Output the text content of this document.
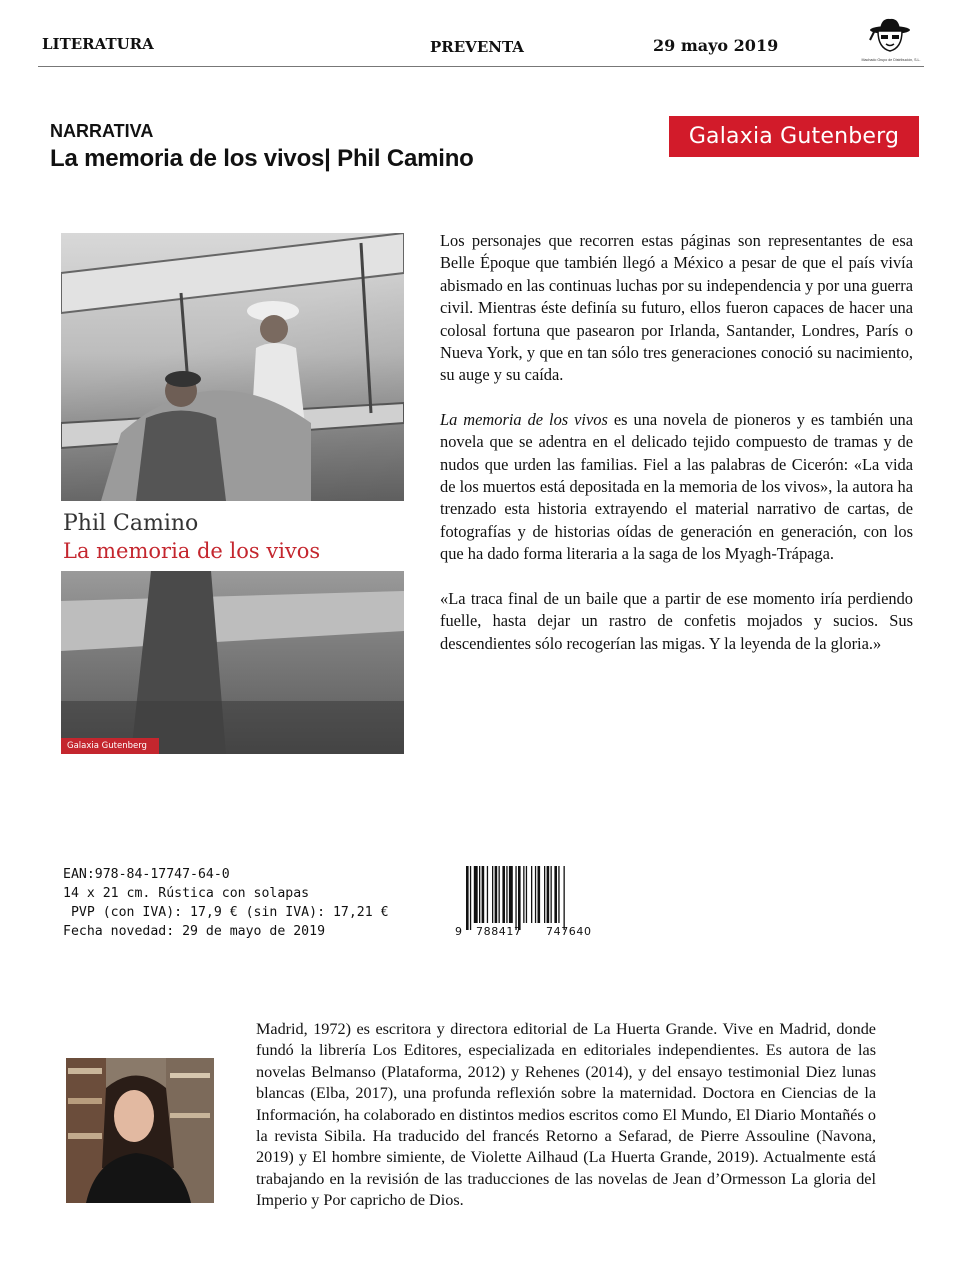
LITERATURA	PREVENTA	29 mayo 2019
Machado Grupo de Distribución, S.L.
NARRATIVA
La memoria de los vivos| Phil Camino
Galaxia Gutenberg
Phil Camino
La memoria de los vivos
Galaxia Gutenberg

Los personajes que recorren estas páginas son representantes de esa Belle Époque que también llegó a México a pesar de que el país vivía abismado en las continuas luchas por su independencia y por una guerra civil. Mientras éste definía su futuro, ellos fueron capaces de hacer una colosal fortuna que pasearon por Irlanda, Santander, Londres, París o Nueva York, y que en tan sólo tres generaciones conoció su nacimiento, su auge y su caída.

La memoria de los vivos es una novela de pioneros y es también una novela que se adentra en el delicado tejido compuesto de tramas y de nudos que urden las familias. Fiel a las palabras de Cicerón: «La vida de los muertos está depositada en la memoria de los vivos», la autora ha trenzado esta historia extrayendo el material narrativo de cartas, de fotografías y de historias oídas de generación en generación, con los que ha dado forma literaria a la saga de los Myagh-Trápaga.

«La traca final de un baile que a partir de ese momento iría perdiendo fuelle, hasta dejar un rastro de confetis mojados y sucios. Sus descendientes sólo recogerían las migas. Y la leyenda de la gloria.»

EAN:978-84-17747-64-0
14 x 21 cm. Rústica con solapas
PVP (con IVA): 17,9 € (sin IVA): 17,21 €
Fecha novedad: 29 de mayo de 2019	9 788417 747640
Madrid, 1972) es escritora y directora editorial de La Huerta Grande. Vive en Madrid, donde fundó la librería Los Editores, especializada en editoriales independientes. Es autora de las novelas Belmanso (Plataforma, 2012) y Rehenes (2014), y del ensayo testimonial Diez lunas blancas (Elba, 2017), una profunda reflexión sobre la maternidad. Doctora en Ciencias de la Información, ha colaborado en distintos medios escritos como El Mundo, El Diario Montañés o la revista Sibila. Ha traducido del francés Retorno a Sefarad, de Pierre Assouline (Navona, 2019) y El hombre simiente, de Violette Ailhaud (La Huerta Grande, 2019). Actualmente está trabajando en la revisión de las traducciones de las novelas de Jean d’Ormesson La gloria del Imperio y Por capricho de Dios.
